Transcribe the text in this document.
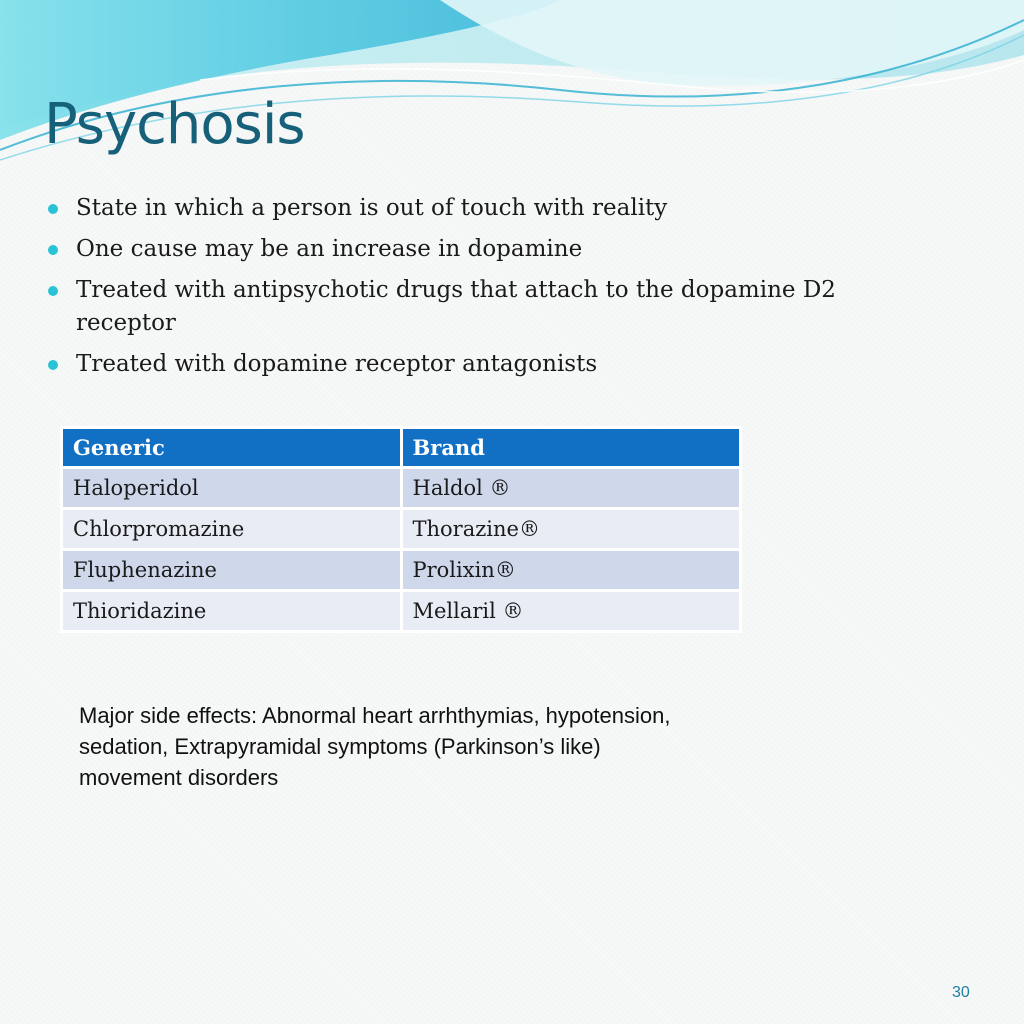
Psychosis
State in which a person is out of touch with reality
One cause may be an increase in dopamine
Treated with antipsychotic drugs that attach to the dopamine D2 receptor
Treated with dopamine receptor antagonists
Generic	Brand
Haloperidol	Haldol ®
Chlorpromazine	Thorazine®
Fluphenazine	Prolixin®
Thioridazine	Mellaril ®
Major side effects: Abnormal heart arrhthymias, hypotension, sedation, Extrapyramidal symptoms (Parkinson’s like) movement disorders
30
